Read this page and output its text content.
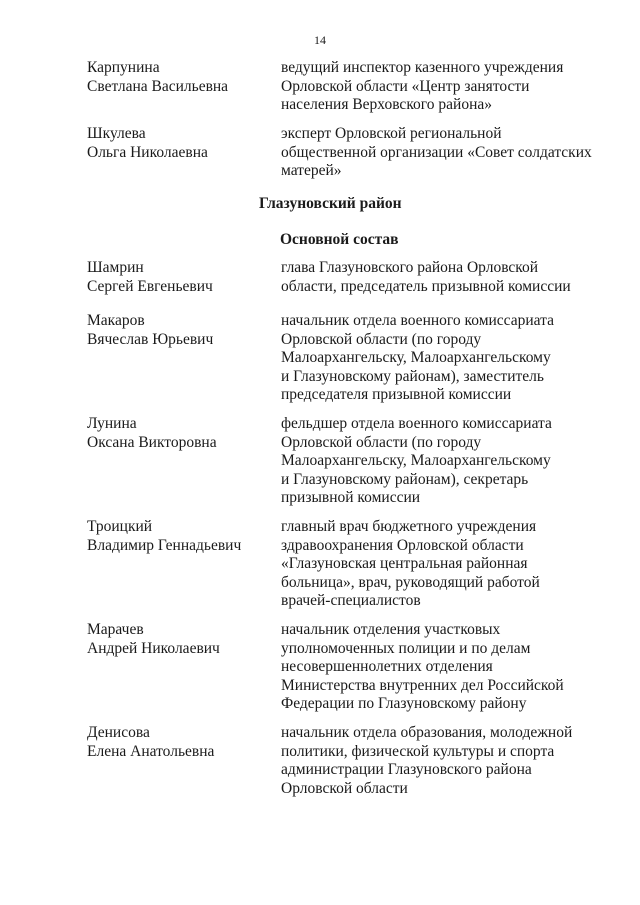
14
Карпунина
Светлана Васильевна
ведущий инспектор казенного учреждения
Орловской области «Центр занятости
населения Верховского района»
Шкулева
Ольга Николаевна
эксперт Орловской региональной
общественной организации «Совет солдатских
матерей»
Глазуновский район
Основной состав
Шамрин
Сергей Евгеньевич
глава Глазуновского района Орловской
области, председатель призывной комиссии
Макаров
Вячеслав Юрьевич
начальник отдела военного комиссариата
Орловской области (по городу
Малоархангельску, Малоархангельскому
и Глазуновскому районам), заместитель
председателя призывной комиссии
Лунина
Оксана Викторовна
фельдшер отдела военного комиссариата
Орловской области (по городу
Малоархангельску, Малоархангельскому
и Глазуновскому районам), секретарь
призывной комиссии
Троицкий
Владимир Геннадьевич
главный врач бюджетного учреждения
здравоохранения Орловской области
«Глазуновская центральная районная
больница», врач, руководящий работой
врачей-специалистов
Марачев
Андрей Николаевич
начальник отделения участковых
уполномоченных полиции и по делам
несовершеннолетних отделения
Министерства внутренних дел Российской
Федерации по Глазуновскому району
Денисова
Елена Анатольевна
начальник отдела образования, молодежной
политики, физической культуры и спорта
администрации Глазуновского района
Орловской области
